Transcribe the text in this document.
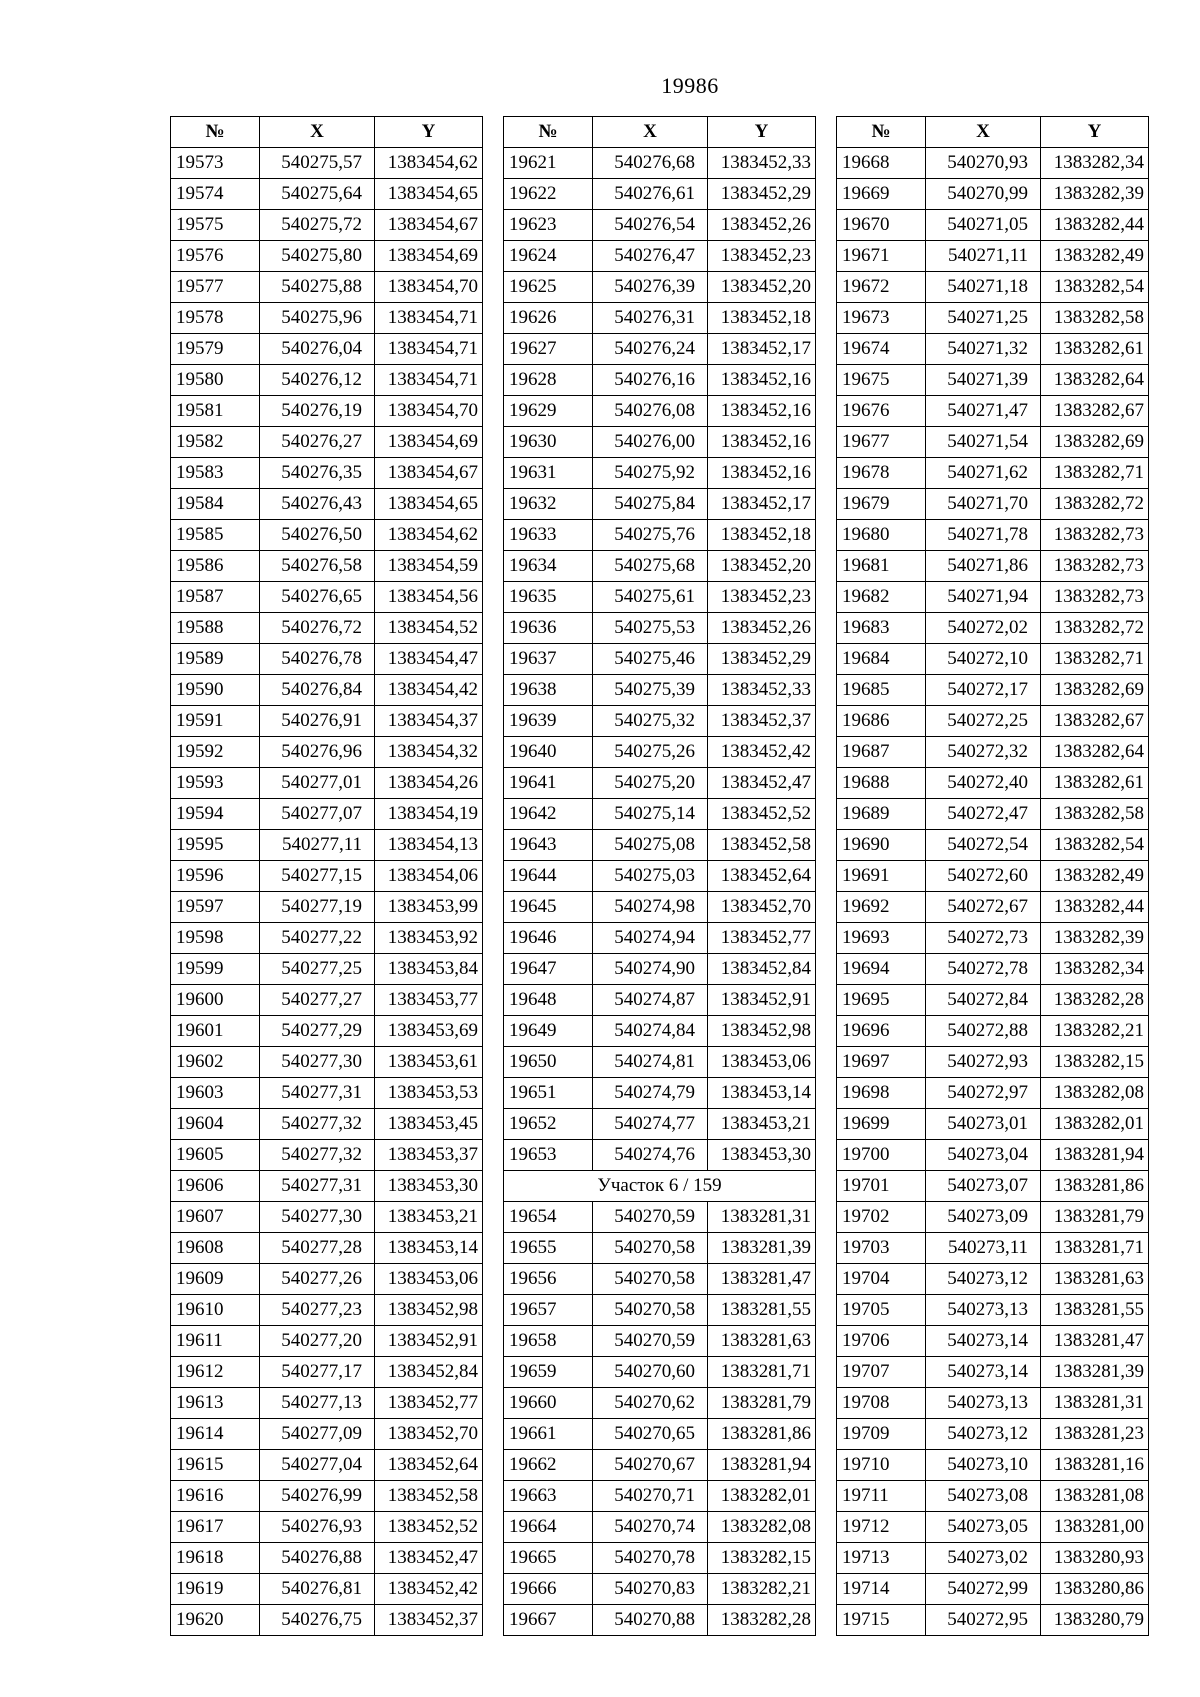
19986
№	X	Y
19573	540275,57	1383454,62
19574	540275,64	1383454,65
19575	540275,72	1383454,67
19576	540275,80	1383454,69
19577	540275,88	1383454,70
19578	540275,96	1383454,71
19579	540276,04	1383454,71
19580	540276,12	1383454,71
19581	540276,19	1383454,70
19582	540276,27	1383454,69
19583	540276,35	1383454,67
19584	540276,43	1383454,65
19585	540276,50	1383454,62
19586	540276,58	1383454,59
19587	540276,65	1383454,56
19588	540276,72	1383454,52
19589	540276,78	1383454,47
19590	540276,84	1383454,42
19591	540276,91	1383454,37
19592	540276,96	1383454,32
19593	540277,01	1383454,26
19594	540277,07	1383454,19
19595	540277,11	1383454,13
19596	540277,15	1383454,06
19597	540277,19	1383453,99
19598	540277,22	1383453,92
19599	540277,25	1383453,84
19600	540277,27	1383453,77
19601	540277,29	1383453,69
19602	540277,30	1383453,61
19603	540277,31	1383453,53
19604	540277,32	1383453,45
19605	540277,32	1383453,37
19606	540277,31	1383453,30
19607	540277,30	1383453,21
19608	540277,28	1383453,14
19609	540277,26	1383453,06
19610	540277,23	1383452,98
19611	540277,20	1383452,91
19612	540277,17	1383452,84
19613	540277,13	1383452,77
19614	540277,09	1383452,70
19615	540277,04	1383452,64
19616	540276,99	1383452,58
19617	540276,93	1383452,52
19618	540276,88	1383452,47
19619	540276,81	1383452,42
19620	540276,75	1383452,37
№	X	Y
19621	540276,68	1383452,33
19622	540276,61	1383452,29
19623	540276,54	1383452,26
19624	540276,47	1383452,23
19625	540276,39	1383452,20
19626	540276,31	1383452,18
19627	540276,24	1383452,17
19628	540276,16	1383452,16
19629	540276,08	1383452,16
19630	540276,00	1383452,16
19631	540275,92	1383452,16
19632	540275,84	1383452,17
19633	540275,76	1383452,18
19634	540275,68	1383452,20
19635	540275,61	1383452,23
19636	540275,53	1383452,26
19637	540275,46	1383452,29
19638	540275,39	1383452,33
19639	540275,32	1383452,37
19640	540275,26	1383452,42
19641	540275,20	1383452,47
19642	540275,14	1383452,52
19643	540275,08	1383452,58
19644	540275,03	1383452,64
19645	540274,98	1383452,70
19646	540274,94	1383452,77
19647	540274,90	1383452,84
19648	540274,87	1383452,91
19649	540274,84	1383452,98
19650	540274,81	1383453,06
19651	540274,79	1383453,14
19652	540274,77	1383453,21
19653	540274,76	1383453,30
Участок 6 / 159		
19654	540270,59	1383281,31
19655	540270,58	1383281,39
19656	540270,58	1383281,47
19657	540270,58	1383281,55
19658	540270,59	1383281,63
19659	540270,60	1383281,71
19660	540270,62	1383281,79
19661	540270,65	1383281,86
19662	540270,67	1383281,94
19663	540270,71	1383282,01
19664	540270,74	1383282,08
19665	540270,78	1383282,15
19666	540270,83	1383282,21
19667	540270,88	1383282,28
№	X	Y
19668	540270,93	1383282,34
19669	540270,99	1383282,39
19670	540271,05	1383282,44
19671	540271,11	1383282,49
19672	540271,18	1383282,54
19673	540271,25	1383282,58
19674	540271,32	1383282,61
19675	540271,39	1383282,64
19676	540271,47	1383282,67
19677	540271,54	1383282,69
19678	540271,62	1383282,71
19679	540271,70	1383282,72
19680	540271,78	1383282,73
19681	540271,86	1383282,73
19682	540271,94	1383282,73
19683	540272,02	1383282,72
19684	540272,10	1383282,71
19685	540272,17	1383282,69
19686	540272,25	1383282,67
19687	540272,32	1383282,64
19688	540272,40	1383282,61
19689	540272,47	1383282,58
19690	540272,54	1383282,54
19691	540272,60	1383282,49
19692	540272,67	1383282,44
19693	540272,73	1383282,39
19694	540272,78	1383282,34
19695	540272,84	1383282,28
19696	540272,88	1383282,21
19697	540272,93	1383282,15
19698	540272,97	1383282,08
19699	540273,01	1383282,01
19700	540273,04	1383281,94
19701	540273,07	1383281,86
19702	540273,09	1383281,79
19703	540273,11	1383281,71
19704	540273,12	1383281,63
19705	540273,13	1383281,55
19706	540273,14	1383281,47
19707	540273,14	1383281,39
19708	540273,13	1383281,31
19709	540273,12	1383281,23
19710	540273,10	1383281,16
19711	540273,08	1383281,08
19712	540273,05	1383281,00
19713	540273,02	1383280,93
19714	540272,99	1383280,86
19715	540272,95	1383280,79
